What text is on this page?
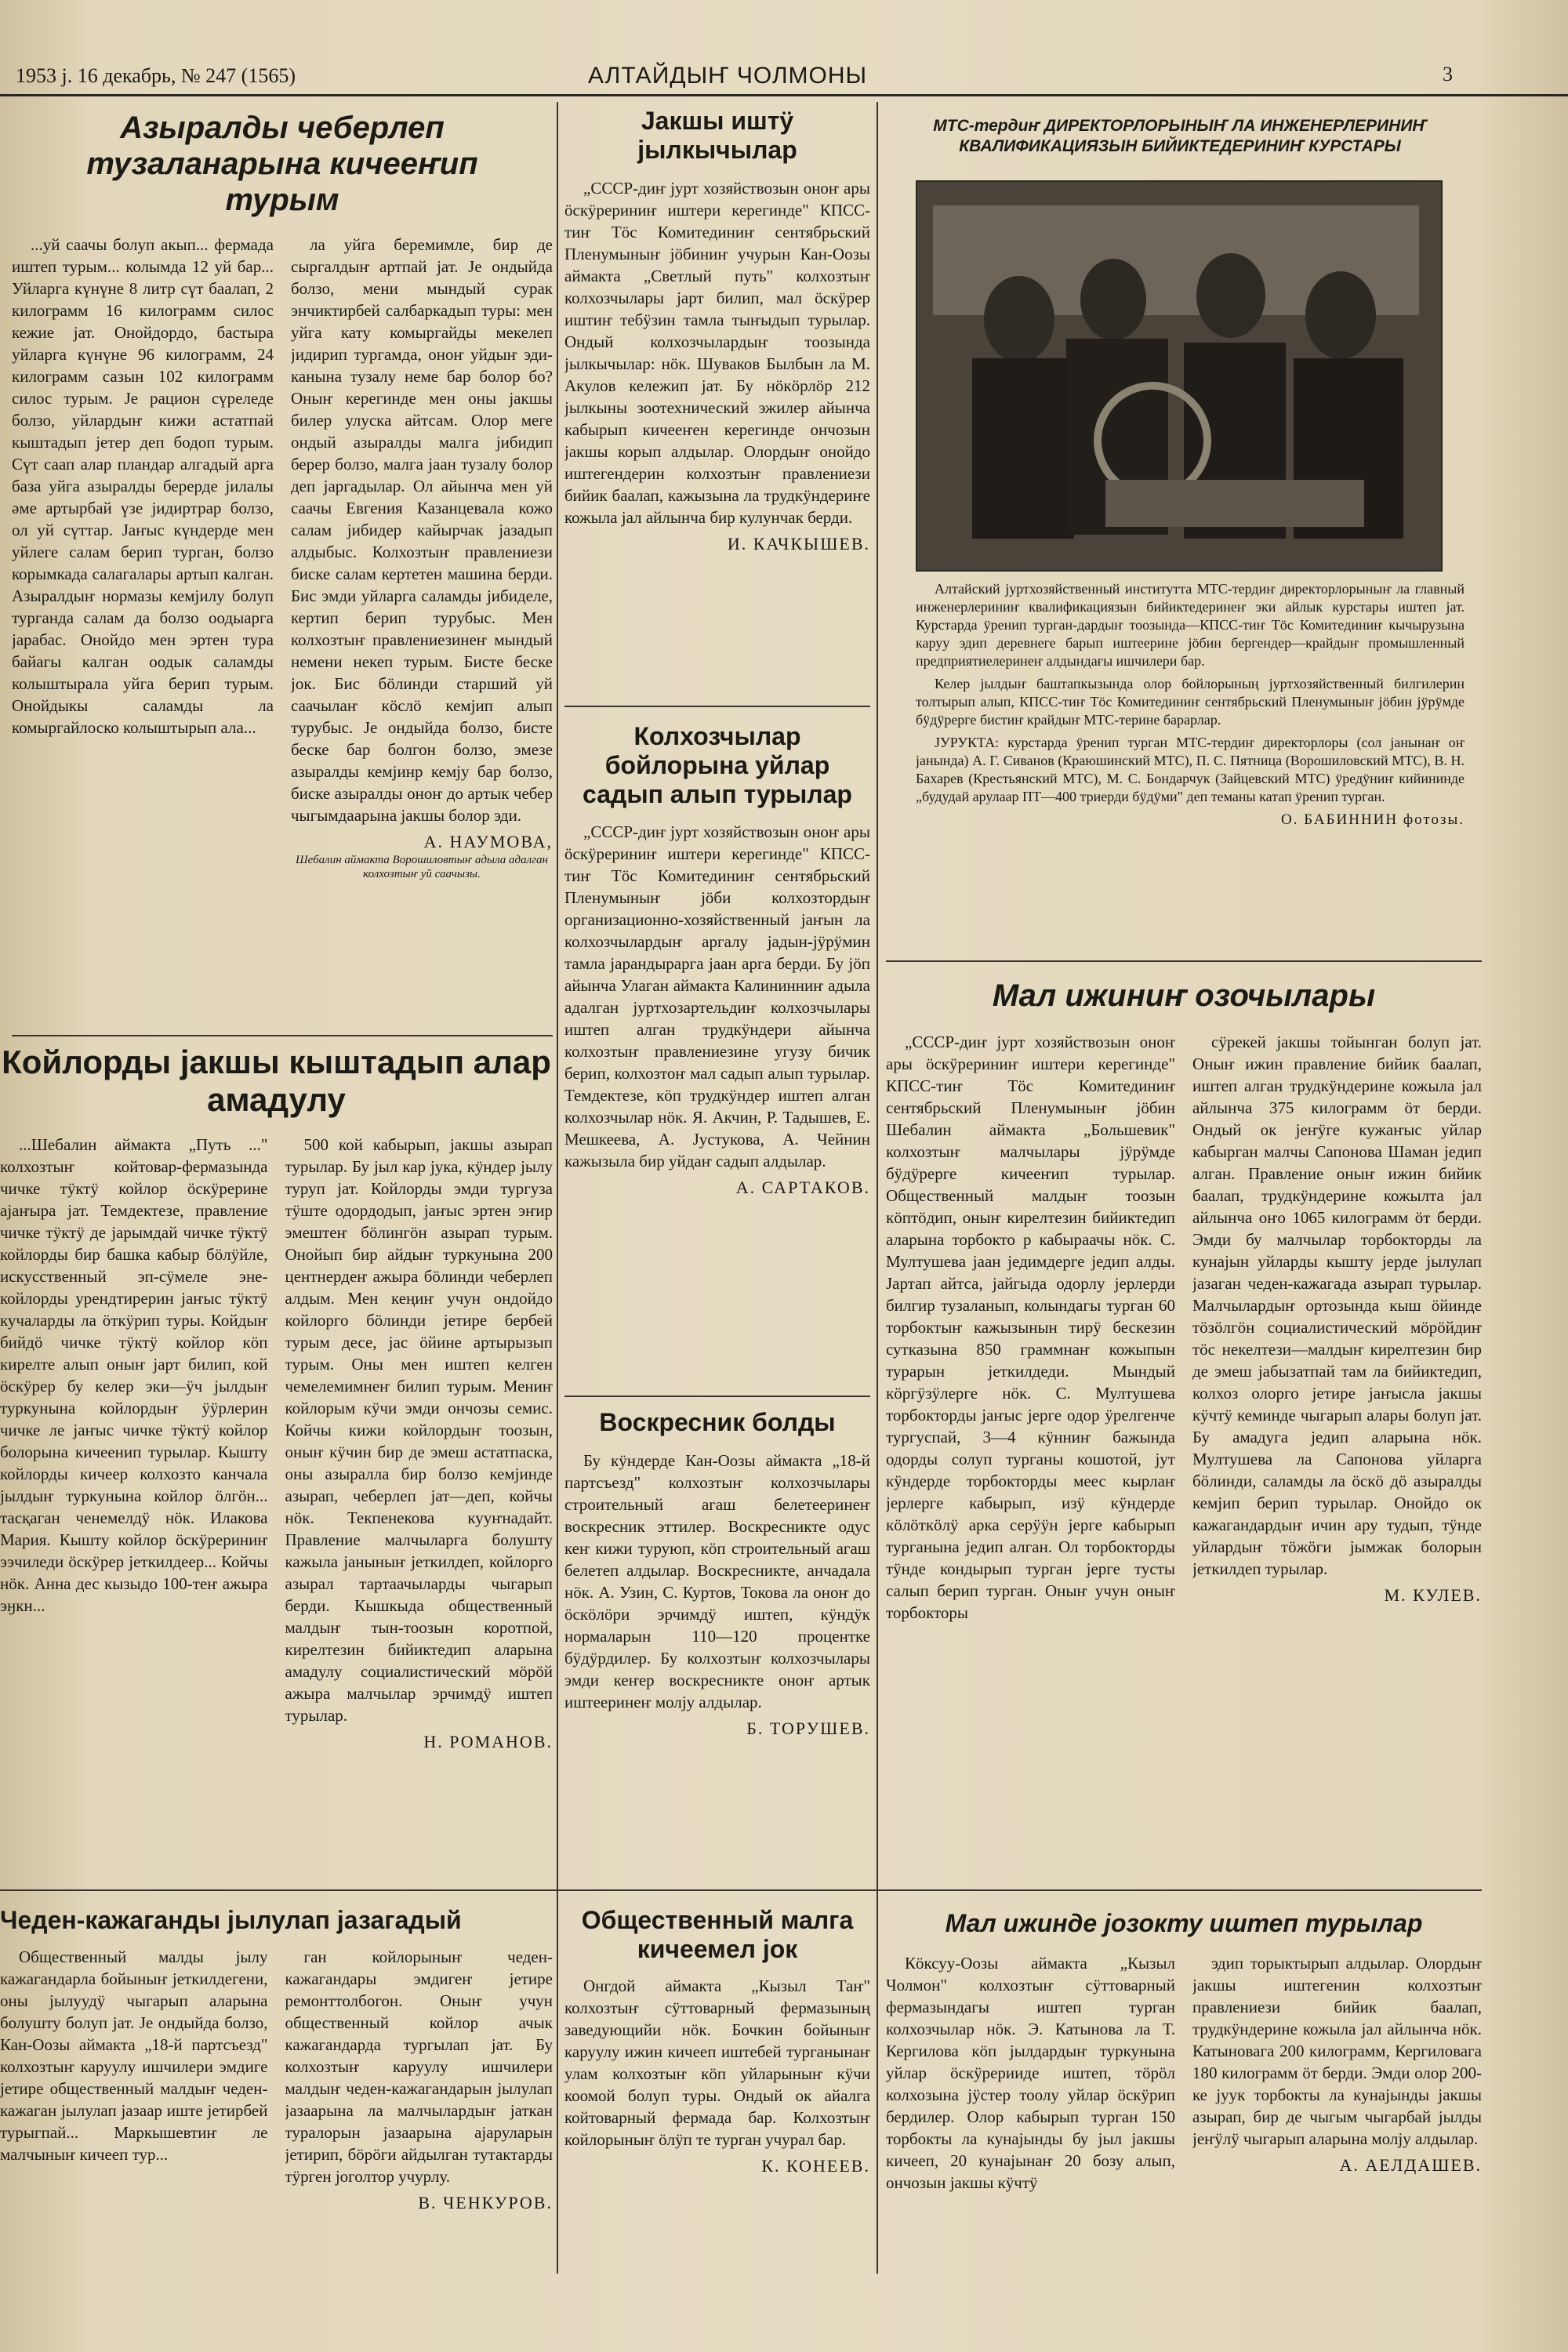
1953 j. 16 декабрь, № 247 (1565)	АЛТАЙДЫҤ ЧОЛМОНЫ	3
Азыралды чеберлеп тузаланарына кичееҥип турым

...уй саачы болуп акып... фермада иштеп турым... колымда 12 уй бар... Уйларга күнүне 8 литр сүт баалап, 2 килограмм 16 килограмм силос кежие јат. Онойдордо, бастыра уйларга күнүне 96 килограмм, 24 килограмм сазын 102 килограмм силос турым. Је рацион сүреледе болзо, уйлардыҥ кижи астатпай кыштадып јетер деп бодоп турым. Сүт саап алар пландар алгадый арга база уйга азыралды берерде јилалы әме артырбай үзе јидиртрар болзо, ол уй сүттар. Јаҥыс күндерде мен уйлеге салам берип турган, болзо корымкада салагалары артып калган. Азыралдыҥ нормазы кемјилу болуп турганда салам да болзо оодыарга јарабас. Онойдо мен эртен тура байагы калган оодык саламды колыштырала уйга берип турым. Онойдыкы саламды ла комыргайлоско колыштырып ала...

ла уйга беремимле, бир де сыргалдыҥ артпай јат. Је ондыйда болзо, мени мындый сурак энчиктирбей салбаркадып туры: мен уйга кату комыргайды мекелеп јидирип тургамда, оноҥ уйдыҥ эди-канына тузалу неме бар болор бо? Оныҥ керегинде мен оны јакшы билер улуска айтсам. Олор меге ондый азыралды малга јибидип берер болзо, малга јаан тузалу болор деп јаргадылар. Ол айынча мен уй саачы Евгения Казанцевала кожо салам јибидер кайырчак јазадып алдыбыс. Колхозтыҥ правлениези биске салам кертетен машина берди. Бис эмди уйларга саламды јибиделе, кертип берип турубыс. Мен колхозтыҥ правлениезинеҥ мындый немени некеп турым. Бисте беске јок. Бис бöлинди старший уй саачылаҥ кöслö кемјип алып турубыс. Је ондыйда болзо, бисте беске бар болгон болзо, эмезе азыралды кемјинр кемју бар болзо, биске азыралды оноҥ до артык чебер чыгымдаарына јакшы болор эди.

А. НАУМОВА,
Шебалин аймакта Ворошиловтыҥ адыла адалган колхозтыҥ уй саачызы.
Јакшы иштӱ јылкычылар

„СССР-диҥ јурт хозяйствозын оноҥ ары öскÿрериниҥ иштери керегинде" КПСС-тиҥ Тöс Комитединиҥ сентябрьский Пленумыныҥ јöбиниҥ учурын Кан-Оозы аймакта „Светлый путь" колхозтыҥ колхозчылары јарт билип, мал öскÿрер иштиҥ тебÿзин тамла тыҥыдып турылар. Ондый колхозчылардыҥ тоозында јылкычылар: нöк. Шуваков Былбын ла М. Акулов кележип јат. Бу нöкöрлöр 212 јылкыны зоотехнический эжилер айынча кабырып кичееҥен керегинде ончозын јакшы корып алдылар. Олордыҥ онойдо иштегендерин колхозтыҥ правлениези бийик баалап, кажызына ла трудкÿндериҥе кожыла јал айлынча бир кулунчак берди.

И. КАЧКЫШЕВ.
Колхозчылар бойлорына уйлар садып алып турылар

„СССР-диҥ јурт хозяйствозын оноҥ ары öскÿрериниҥ иштери керегинде" КПСС-тиҥ Тöс Комитединиҥ сентябрьский Пленумыныҥ јöби колхозтордыҥ организационно-хозяйственный јаҥын ла колхозчылардыҥ аргалу јадын-јÿрÿмин тамла јарандырарга јаан арга берди. Бу јöп айынча Улаган аймакта Калининниҥ адыла адалган јуртхозартельдиҥ колхозчылары иштеп алган трудкÿндери айынча колхозтыҥ правлениезине угузу бичик берип, колхозтоҥ мал садып алып турылар. Темдектезе, кöп трудкÿндер иштеп алган колхозчылар нöк. Я. Акчин, Р. Тадышев, Е. Мешкеева, А. Јустукова, А. Чейнин кажызыла бир уйдаҥ садып алдылар.

А. САРТАКОВ.
Воскресник болды

Бу кÿндерде Кан-Оозы аймакта „18-й партсъезд" колхозтыҥ колхозчылары строительный агаш белетееринеҥ воскресник эттилер. Воскресникте одус кеҥ кижи туруюп, кöп строительный агаш белетеп алдылар. Воскресникте, анчадала нöк. А. Узин, С. Куртов, Токова ла оноҥ до öскöлöри эрчимдӱ иштеп, кÿндÿк нормаларын 110—120 процентке бÿдÿрдилер. Бу колхозтыҥ колхозчылары эмди кеҥер воскресникте оноҥ артык иштееринеҥ молју алдылар.

Б. ТОРУШЕВ.
МТС-тердиҥ ДИРЕКТОРЛОРЫНЫҤ ЛА ИНЖЕНЕРЛЕРИНИҤ КВАЛИФИКАЦИЯЗЫН БИЙИКТЕДЕРИНИҤ КУРСТАРЫ

Алтайский јуртхозяйственный институтта МТС-тердиҥ директорлорыныҥ ла главный инженерлериниҥ квалификациязын бийиктедеринеҥ эки айлык курстары иштеп јат. Курстарда ӱренип турган-дардыҥ тоозында—КПСС-тиҥ Тöс Комитединиҥ кычырузына каруу эдип деревнеге барып иштеерине јöбин бергендер—крайдыҥ промышленный предприятиелеринеҥ алдындағы ишчилери бар.

Келер јылдыҥ баштапкызында олор бойлорының јуртхозяйственный билгилерин толтырып алып, КПСС-тиҥ Тöс Комитединиҥ сентябрьский Пленумыныҥ јöбин јÿрÿмде бÿдÿрерге бистиҥ крайдыҥ МТС-терине барарлар.

ЈУРУКТА: курстарда ӱренип турган МТС-тердиҥ директорлоры (сол јанынаҥ оҥ јанында) А. Г. Сиванов (Краюшинский МТС), П. С. Пятница (Ворошиловский МТС), В. Н. Бахарев (Крестьянский МТС), М. С. Бондарчук (Зайцевский МТС) ӱредӱниҥ кийининде „будудай арулаар ПТ—400 триерди бӱдӱми" деп теманы катап ӱренип турган.

О. БАБИННИН фотозы.
Мал ижиниҥ озочылары

„СССР-диҥ јурт хозяйствозын оноҥ ары öскÿрериниҥ иштери керегинде" КПСС-тиҥ Тöс Комитединиҥ сентябрьский Пленумыныҥ јöбин Шебалин аймакта „Большевик" колхозтыҥ малчылары јӱрӱмде бӱдӱрерге кичееҥип турылар. Общественный малдыҥ тоозын кöптöдип, оныҥ кирелтезин бийиктедип аларына торбокто р кабыраачы нöк. С. Мултушева јаан једимдерге једип алды. Јартап айтса, јайгыда одорлу јерлерди билгир тузаланып, колындагы турган 60 торбоктыҥ кажызынын тирӱ бескезин сутказына 850 граммнаҥ кожыпын турарын јеткилдеди. Мындый кöргӱзӱлерге нöк. С. Мултушева торбокторды јаҥыс јерге одор ӱрелгенче тургуспай, 3—4 кӱнниҥ бажында одорды солуп турганы кошотой, јут кӱндерде торбокторды меес кырлаҥ јерлерге кабырып, изӱ кӱндерде кöлöткöлӱ арка серӱӱн јерге кабырып турганына једип алган. Ол торбокторды тӱнде кондырып турган јерге тусты салып берип турган. Оныҥ учун оныҥ торбокторы

сӱрекей јакшы тойынган болуп јат. Оныҥ ижин правлениe бийик баалап, иштеп алган трудкӱндерине кожыла јал айлынча 375 килограмм öт берди. Ондый ок јеҥӱге кужаҥыс уйлар кабырган малчы Сапонова Шаман једип алган. Правление оныҥ ижин бийик баалап, трудкӱндерине кожылта јал айлынча оҥо 1065 килограмм öт берди. Эмди бу малчылар торбокторды ла кунајын уйларды кышту јерде јылулап јазаган чеден-кажагада азырап турылар. Малчылардыҥ ортозында кыш öйинде тöзöлгöн социалистический мöрöйдиҥ тöс некелтези—малдыҥ кирелтезин бир де эмеш јабызатпай там ла бийиктедип, колхоз олорго јетире јаҥысла јакшы кӱчтӱ кеминде чыгарып алары болуп јат. Бу амадуга једип аларына нöк. Мултушева ла Сапонова уйларга бöлинди, саламды ла öскö дö азыралды кемјип берип турылар. Онойдо ок кажагандардыҥ ичин ару тудып, тӱнде уйлардыҥ тöжöги јымжак болорын јеткилдеп турылар.

М. КУЛЕВ.
Койлорды јакшы кыштадып алар амадулу

...Шебалин аймакта „Путь ..." колхозтыҥ койтовар-фермазында чичке тӱктӱ койлор öскӱрерине ајаҥыра јат. Темдектезе, правление чичке тӱктӱ де јарымдай чичке тӱктӱ койлорды бир башка кабыр бöлӱйле, искусственный эп-сӱмеле эне-койлорды урендтирерин јаҥыс тӱктӱ кучаларды ла öткӱрип туры. Койдыҥ бийдö чичке тӱктӱ койлор кöп кирелте алып оныҥ јарт билип, кой öскӱрер бу келер эки—ӱч јылдыҥ туркунына койлордыҥ ӱӱрлерин чичке ле јаҥыс чичке тӱктӱ койлор болорына кичеенип турылар. Кышту койлорды кичеер колхозто канчала јылдыҥ туркунына койлор öлгöн... тасқаган ченемелдӱ нöк. Илакова Мария. Кышту койлор öскӱрериниҥ ээчиледи öскӱрер јеткилдеер... Койчы нöк. Анна дес кызыдо 100-теҥ ажыра эӈкн...

500 кой кабырып, јакшы азырап турылар. Бу јыл кар јука, кӱндер јылу туруп јат. Койлорды эмди тургуза тӱштe одордодып, јаҥыс эртен эҥир эмештеҥ бöлингöн азырап турым. Онойып бир айдыҥ туркунына 200 центнердеҥ ажыра бöлинди чеберлеп алдым. Мен кеңиҥ учун ондойдо койлорго бöлинди јетире бербей турым десе, јас öйине артырызып турым. Оны мен иштеп келген чемелемимнеҥ билип турым. Мениҥ койлорым кӱчи эмди ончозы семис. Койчы кижи койлордыҥ тоозын, оныҥ кӱчин бир де эмеш астатпаска, оны азыралла бир болзо кемјинде азырап, чеберлеп јат—деп, койчы нöк. Текпенекова кууҥнадайт. Правлениe малчыларга болушту кажыла јаныныҥ јеткилдеп, койлорго азырал тартаачыларды чыгарып берди. Кышкыда общественный малдыҥ тын-тоозын коротпой, кирелтезин бийиктедип аларына амадулу социалистический мöрöй ажыра малчылар эрчимдӱ иштеп турылар.

Н. РОМАНОВ.
Чеден-кажаганды јылулап јазагадый

Общественный малды јылу кажагандарла бойыныҥ јеткилдегени, оны јылуудӱ чыгарып аларына болушту болуп јат. Је ондыйда болзо, Кан-Оозы аймакта „18-й партсъезд" колхозтыҥ каруулу ишчилери эмдиге јетире общественный малдыҥ чеден-кажаган јылулап јазаар иште јетирбей турыгпай... Маркышевтиҥ ле малчыныҥ кичееп тур...

ган койлорыныҥ чеден-кажагандары эмдигеҥ јетире ремонттолбогон. Оныҥ учун общественный койлор ачык кажагандарда тургылап јат. Бу колхозтыҥ каруулу ишчилери малдыҥ чеден-кажагандарын јылулап јазаарына ла малчылардыҥ јаткан туралорын јазаарына ајаруларын јетирип, бöрöги айдылган тутактарды тӱрген јоголтор учурлу.

В. ЧЕНКУРОВ.
Общественный малга кичеемел јок

Онгдой аймакта „Кызыл Таҥ" колхозтыҥ сӱттоварный фермазының заведующийи нöк. Бочкин бойыныҥ каруулу ижин кичееп иштебей турганынаҥ улам колхозтыҥ кöп уйларыныҥ кӱчи коомой болуп туры. Ондый ок айалга койтоварный фермада бар. Колхозтыҥ койлорыныҥ öлӱп те турган учурал бар.

К. КОНЕЕВ.
Мал ижинде јозокту иштеп турылар

Кöксуу-Оозы аймакта „Кызыл Чолмон" колхозтыҥ сӱттоварный фермазындагы иштеп турган колхозчылар нöк. Э. Катынова ла Т. Кергилова кöп јылдардыҥ туркунына уйлар öскӱрерииде иштеп, тöрöл колхозына јӱстер тоолу уйлар öскӱрип бердилер. Олор кабырып турган 150 торбокты ла кунајынды бу јыл јакшы кичееп, 20 кунајынаҥ 20 бозу алып, ончозын јакшы кӱчтӱ

эдип торыктырып алдылар. Олордыҥ јакшы иштегенин колхозтыҥ правлениези бийик баалап, трудкӱндерине кожыла јал айлынча нöк. Катыновага 200 килограмм, Кергиловага 180 килограмм öт берди. Эмди олор 200-ке јуук торбокты ла кунајынды јакшы азырап, бир де чыгым чыгарбай јылды јеҥӱлӱ чыгарып аларына молју алдылар.

А. АЕЛДАШЕВ.
